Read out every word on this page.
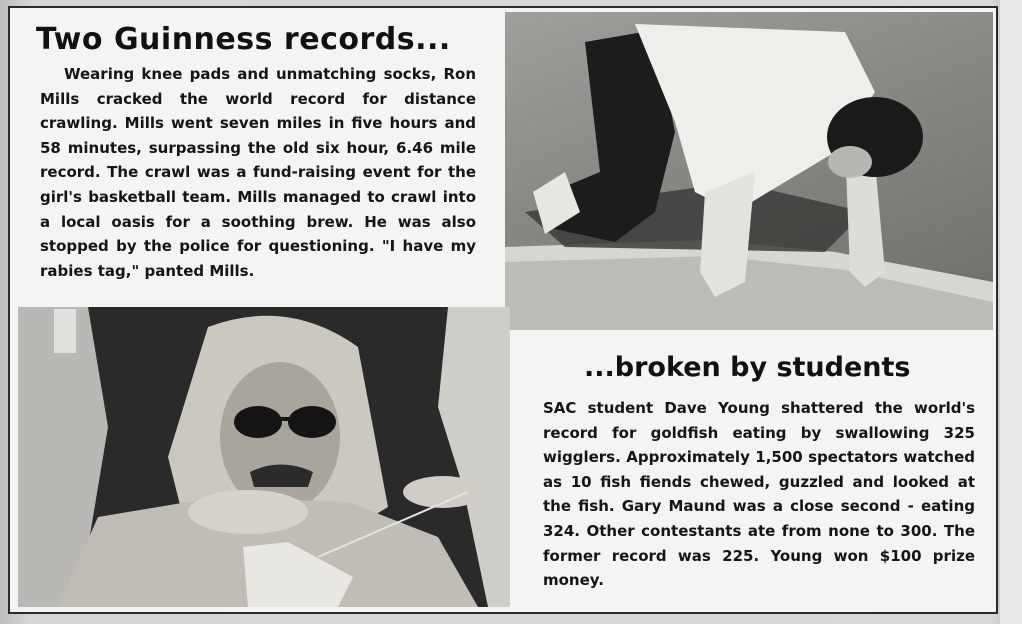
Two Guinness records...

Wearing knee pads and unmatching socks, Ron Mills cracked the world record for distance crawling. Mills went seven miles in five hours and 58 minutes, surpassing the old six hour, 6.46 mile record. The crawl was a fund-raising event for the girl's basketball team. Mills managed to crawl into a local oasis for a soothing brew. He was also stopped by the police for questioning. "I have my rabies tag," panted Mills.

...broken by students

SAC student Dave Young shattered the world's record for goldfish eating by swallowing 325 wigglers. Approximately 1,500 spectators watched as 10 fish fiends chewed, guzzled and looked at the fish. Gary Maund was a close second - eating 324. Other contestants ate from none to 300. The former record was 225. Young won $100 prize money.
